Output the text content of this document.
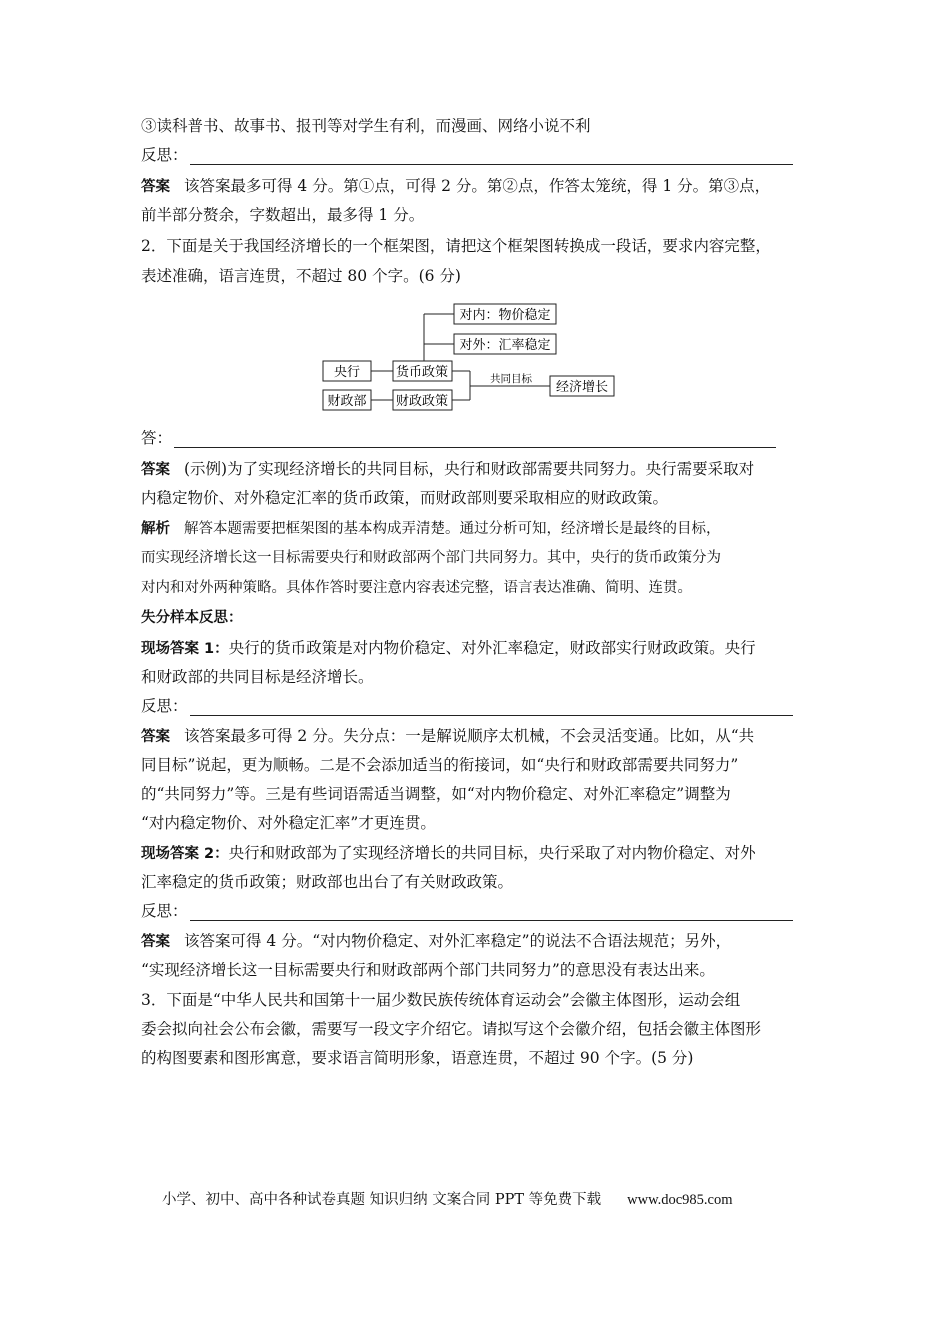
③读科普书、故事书、报刊等对学生有利，而漫画、网络小说不利
反思：
答案 该答案最多可得 4 分。第①点，可得 2 分。第②点，作答太笼统，得 1 分。第③点，
前半部分赘余，字数超出，最多得 1 分。
2．下面是关于我国经济增长的一个框架图，请把这个框架图转换成一段话，要求内容完整，
表述准确，语言连贯，不超过 80 个字。(6 分)
对内：物价稳定
对外：汇率稳定
央行	货币政策
财政部 财政政策
共同目标
经济增长
答：
答案 (示例)为了实现经济增长的共同目标，央行和财政部需要共同努力。央行需要采取对
内稳定物价、对外稳定汇率的货币政策，而财政部则要采取相应的财政政策。
解析 解答本题需要把框架图的基本构成弄清楚。通过分析可知，经济增长是最终的目标，
而实现经济增长这一目标需要央行和财政部两个部门共同努力。其中，央行的货币政策分为
对内和对外两种策略。具体作答时要注意内容表述完整，语言表达准确、简明、连贯。
失分样本反思：
现场答案 1：央行的货币政策是对内物价稳定、对外汇率稳定，财政部实行财政政策。央行
和财政部的共同目标是经济增长。
反思：
答案 该答案最多可得 2 分。失分点：一是解说顺序太机械，不会灵活变通。比如，从“共
同目标”说起，更为顺畅。二是不会添加适当的衔接词，如“央行和财政部需要共同努力”
的“共同努力”等。三是有些词语需适当调整，如“对内物价稳定、对外汇率稳定”调整为
“对内稳定物价、对外稳定汇率”才更连贯。
现场答案 2：央行和财政部为了实现经济增长的共同目标，央行采取了对内物价稳定、对外
汇率稳定的货币政策；财政部也出台了有关财政政策。
反思：
答案 该答案可得 4 分。“对内物价稳定、对外汇率稳定”的说法不合语法规范；另外，
“实现经济增长这一目标需要央行和财政部两个部门共同努力”的意思没有表达出来。
3．下面是“中华人民共和国第十一届少数民族传统体育运动会”会徽主体图形，运动会组
委会拟向社会公布会徽，需要写一段文字介绍它。请拟写这个会徽介绍，包括会徽主体图形
的构图要素和图形寓意，要求语言简明形象，语意连贯，不超过 90 个字。(5 分)
小学、初中、高中各种试卷真题 知识归纳 文案合同 PPT 等免费下载 www.doc985.com
